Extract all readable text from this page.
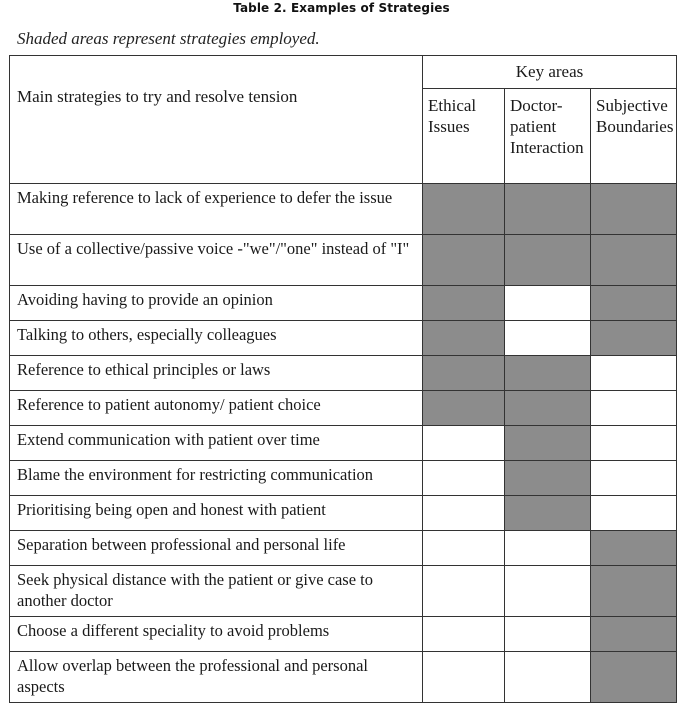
Table 2. Examples of Strategies
Shaded areas represent strategies employed.
Main strategies to try and resolve tension	Key areas		
	Ethical Issues	Doctor-patient Interaction	Subjective Boundaries
Making reference to lack of experience to defer the issue			
Use of a collective/passive voice -"we"/"one" instead of "I"			
Avoiding having to provide an opinion			
Talking to others, especially colleagues			
Reference to ethical principles or laws			
Reference to patient autonomy/ patient choice			
Extend communication with patient over time			
Blame the environment for restricting communication			
Prioritising being open and honest with patient			
Separation between professional and personal life			
Seek physical distance with the patient or give case to another doctor			
Choose a different speciality to avoid problems			
Allow overlap between the professional and personal aspects			
